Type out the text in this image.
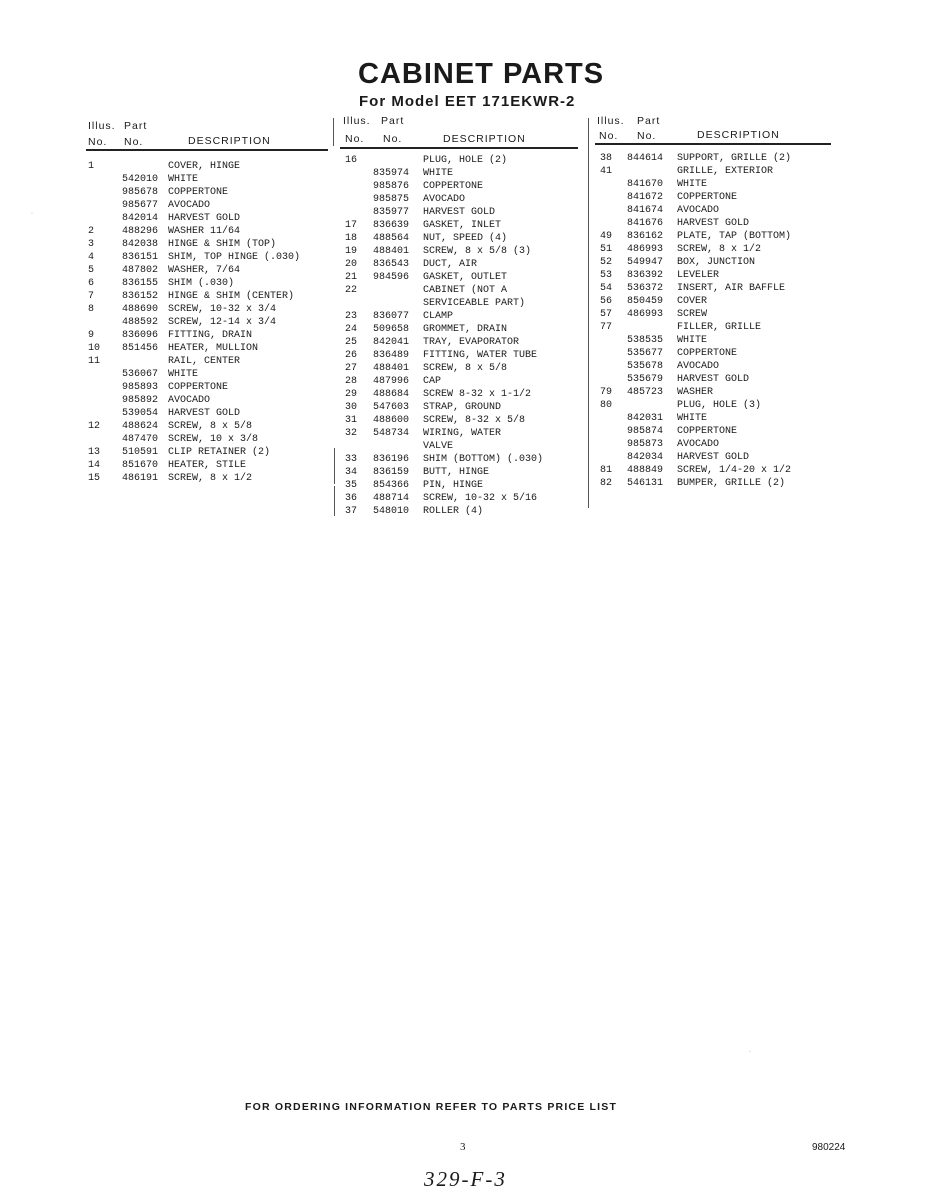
CABINET PARTS
For Model EET 171EKWR-2
Illus. Part
No. No.	DESCRIPTION
1	COVER, HINGE
542010 WHITE
985678 COPPERTONE
985677 AVOCADO
842014 HARVEST GOLD
2	488296 WASHER 11/64
3	842038 HINGE & SHIM (TOP)
4	836151 SHIM, TOP HINGE (.030)
5	487802 WASHER, 7/64
6	836155 SHIM (.030)
7	836152 HINGE & SHIM (CENTER)
8	488690 SCREW, 10-32 x 3/4
488592 SCREW, 12-14 x 3/4
9	836096 FITTING, DRAIN
10 851456 HEATER, MULLION
11	RAIL, CENTER
536067 WHITE
985893 COPPERTONE
985892 AVOCADO
539054 HARVEST GOLD
12 488624 SCREW, 8 x 5/8
487470 SCREW, 10 x 3/8
13 510591 CLIP RETAINER (2)
14 851670 HEATER, STILE
15 486191 SCREW, 8 x 1/2
Illus. Part
No. No.	DESCRIPTION
16	PLUG, HOLE (2)
835974 WHITE
985876 COPPERTONE
985875 AVOCADO
835977 HARVEST GOLD
17 836639 GASKET, INLET
18 488564 NUT, SPEED (4)
19 488401 SCREW, 8 x 5/8 (3)
20 836543 DUCT, AIR
21 984596 GASKET, OUTLET
22	CABINET (NOT A
SERVICEABLE PART)
23 836077 CLAMP
24 509658 GROMMET, DRAIN
25 842041 TRAY, EVAPORATOR
26 836489 FITTING, WATER TUBE
27 488401 SCREW, 8 x 5/8
28 487996 CAP
29 488684 SCREW 8-32 x 1-1/2
30 547603 STRAP, GROUND
31 488600 SCREW, 8-32 x 5/8
32 548734 WIRING, WATER
VALVE
33 836196 SHIM (BOTTOM) (.030)
34 836159 BUTT, HINGE
35 854366 PIN, HINGE
36 488714 SCREW, 10-32 x 5/16
37 548010 ROLLER (4)
Illus. Part
No. No.	DESCRIPTION
38 844614 SUPPORT, GRILLE (2)
41	GRILLE, EXTERIOR
841670 WHITE
841672 COPPERTONE
841674 AVOCADO
841676 HARVEST GOLD
49 836162 PLATE, TAP (BOTTOM)
51 486993 SCREW, 8 x 1/2
52 549947 BOX, JUNCTION
53 836392 LEVELER
54 536372 INSERT, AIR BAFFLE
56 850459 COVER
57 486993 SCREW
77	FILLER, GRILLE
538535 WHITE
535677 COPPERTONE
535678 AVOCADO
535679 HARVEST GOLD
79 485723 WASHER
80	PLUG, HOLE (3)
842031 WHITE
985874 COPPERTONE
985873 AVOCADO
842034 HARVEST GOLD
81 488849 SCREW, 1/4-20 x 1/2
82 546131 BUMPER, GRILLE (2)
·
·
FOR ORDERING INFORMATION REFER TO PARTS PRICE LIST
3	980224
329-F-3
